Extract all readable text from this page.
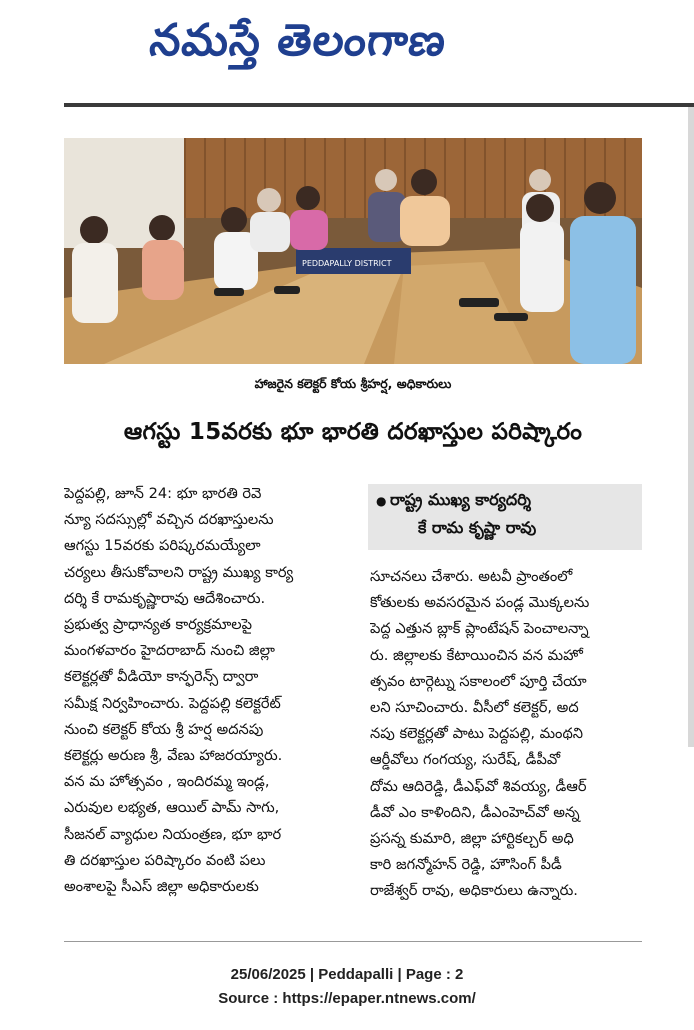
నమస్తే తెలంగాణ
PEDDAPALLY DISTRICT
హాజరైన కలెక్టర్ కోయ శ్రీహర్ష, అధికారులు
ఆగస్టు 15వరకు భూ భారతి దరఖాస్తుల పరిష్కారం
పెద్దపల్లి, జూన్ 24: భూ భారతి రెవె
న్యూ సదస్సుల్లో వచ్చిన దరఖాస్తులను
ఆగస్టు 15వరకు పరిష్కరమయ్యేలా
చర్యలు తీసుకోవాలని రాష్ట్ర ముఖ్య కార్య
దర్శి కే రామకృష్ణారావు ఆదేశించారు.
ప్రభుత్వ ప్రాధాన్యత కార్యక్రమాలపై
మంగళవారం హైదరాబాద్ నుంచి జిల్లా
కలెక్టర్లతో వీడియో కాన్ఫరెన్స్ ద్వారా
సమీక్ష నిర్వహించారు. పెద్దపల్లి కలెక్టరేట్
నుంచి కలెక్టర్ కోయ శ్రీ హర్ష అదనపు
కలెక్టర్లు అరుణ శ్రీ, వేణు హాజరయ్యారు.
వన మ హోత్సవం , ఇందిరమ్మ ఇండ్ల,
ఎరువుల లభ్యత, ఆయిల్ పామ్ సాగు,
సీజనల్ వ్యాధుల నియంత్రణ, భూ భార
తి దరఖాస్తుల పరిష్కారం వంటి పలు
అంశాలపై సీఎస్ జిల్లా అధికారులకు
● రాష్ట్ర ముఖ్య కార్యదర్శి
కే రామ కృష్ణా రావు
సూచనలు చేశారు. అటవీ ప్రాంతంలో
కోతులకు అవసరమైన పండ్ల మొక్కలను
పెద్ద ఎత్తున బ్లాక్ ప్లాంటేషన్ పెంచాలన్నా
రు. జిల్లాలకు కేటాయించిన వన మహో
త్సవం టార్గెట్ను సకాలంలో పూర్తి చేయా
లని సూచించారు. వీసీలో కలెక్టర్, అద
నపు కలెక్టర్లతో పాటు పెద్దపల్లి, మంథని
ఆర్డీవోలు గంగయ్య, సురేష్, డీపీవో
దోమ ఆదిరెడ్డి, డీఎఫ్‌వో శివయ్య, డీఆర్
డీవో ఎం కాళిందిని, డీఎంహెచ్‌వో అన్న
ప్రసన్న కుమారి, జిల్లా హార్టికల్చర్ అధి
కారి జగన్మోహన్ రెడ్డి, హౌసింగ్ పీడీ
రాజేశ్వర్ రావు, అధికారులు ఉన్నారు.
25/06/2025 | Peddapalli | Page : 2
Source : https://epaper.ntnews.com/
